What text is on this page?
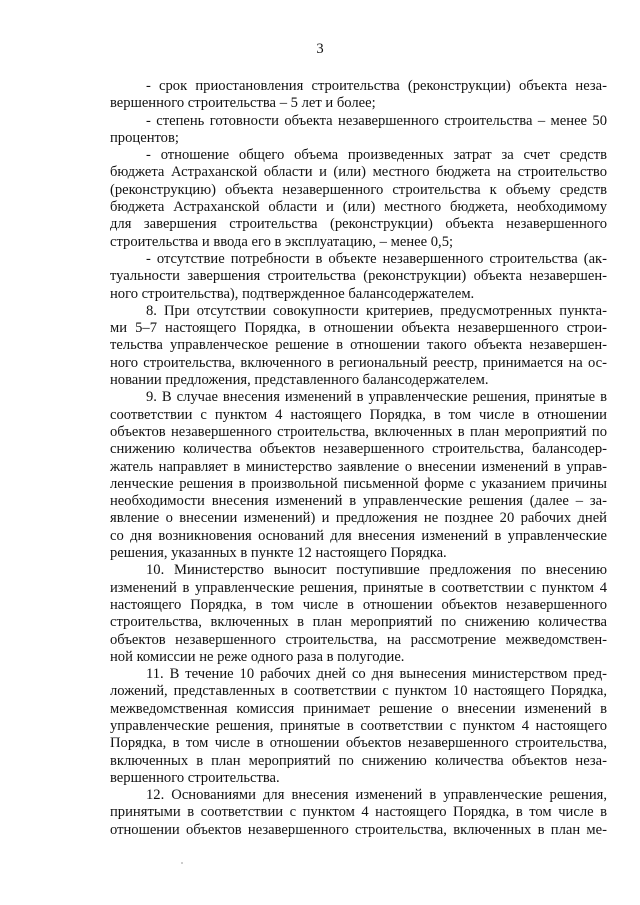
3
- срок приостановления строительства (реконструкции) объекта неза-
вершенного строительства – 5 лет и более;
- степень готовности объекта незавершенного строительства – менее 50
процентов;
- отношение общего объема произведенных затрат за счет средств
бюджета Астраханской области и (или) местного бюджета на строительство
(реконструкцию) объекта незавершенного строительства к объему средств
бюджета Астраханской области и (или) местного бюджета, необходимому
для завершения строительства (реконструкции) объекта незавершенного
строительства и ввода его в эксплуатацию, – менее 0,5;
- отсутствие потребности в объекте незавершенного строительства (ак-
туальности завершения строительства (реконструкции) объекта незавершен-
ного строительства), подтвержденное балансодержателем.
8. При отсутствии совокупности критериев, предусмотренных пункта-
ми 5–7 настоящего Порядка, в отношении объекта незавершенного строи-
тельства управленческое решение в отношении такого объекта незавершен-
ного строительства, включенного в региональный реестр, принимается на ос-
новании предложения, представленного балансодержателем.
9. В случае внесения изменений в управленческие решения, принятые в
соответствии с пунктом 4 настоящего Порядка, в том числе в отношении
объектов незавершенного строительства, включенных в план мероприятий по
снижению количества объектов незавершенного строительства, балансодер-
жатель направляет в министерство заявление о внесении изменений в управ-
ленческие решения в произвольной письменной форме с указанием причины
необходимости внесения изменений в управленческие решения (далее – за-
явление о внесении изменений) и предложения не позднее 20 рабочих дней
со дня возникновения оснований для внесения изменений в управленческие
решения, указанных в пункте 12 настоящего Порядка.
10. Министерство выносит поступившие предложения по внесению
изменений в управленческие решения, принятые в соответствии с пунктом 4
настоящего Порядка, в том числе в отношении объектов незавершенного
строительства, включенных в план мероприятий по снижению количества
объектов незавершенного строительства, на рассмотрение межведомствен-
ной комиссии не реже одного раза в полугодие.
11. В течение 10 рабочих дней со дня вынесения министерством пред-
ложений, представленных в соответствии с пунктом 10 настоящего Порядка,
межведомственная комиссия принимает решение о внесении изменений в
управленческие решения, принятые в соответствии с пунктом 4 настоящего
Порядка, в том числе в отношении объектов незавершенного строительства,
включенных в план мероприятий по снижению количества объектов неза-
вершенного строительства.
12. Основаниями для внесения изменений в управленческие решения,
принятыми в соответствии с пунктом 4 настоящего Порядка, в том числе в
отношении объектов незавершенного строительства, включенных в план ме-
